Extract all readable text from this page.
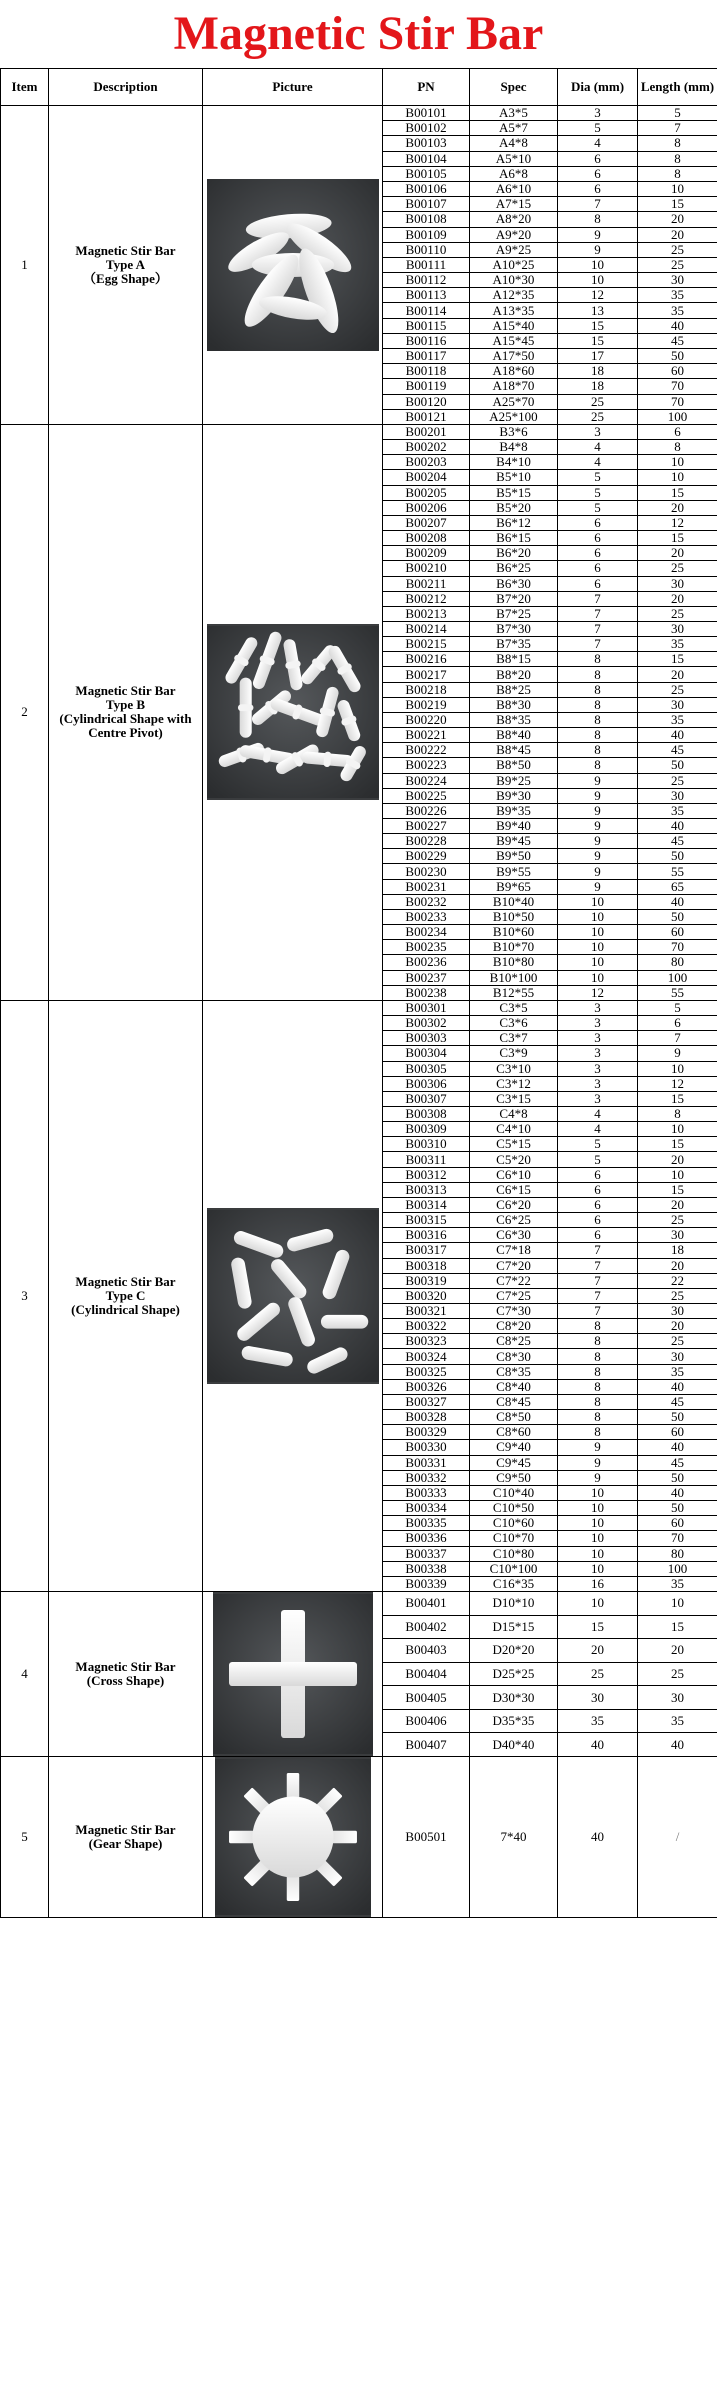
Magnetic Stir Bar
Item	Description	Picture	PN	Spec	Dia (mm)	Length (mm)
1	Magnetic Stir Bar
Type A
（Egg Shape）		B00101	A3*5	3	5
			B00102	A5*7	5	7
			B00103	A4*8	4	8
			B00104	A5*10	6	8
			B00105	A6*8	6	8
			B00106	A6*10	6	10
			B00107	A7*15	7	15
			B00108	A8*20	8	20
			B00109	A9*20	9	20
			B00110	A9*25	9	25
			B00111	A10*25	10	25
			B00112	A10*30	10	30
			B00113	A12*35	12	35
			B00114	A13*35	13	35
			B00115	A15*40	15	40
			B00116	A15*45	15	45
			B00117	A17*50	17	50
			B00118	A18*60	18	60
			B00119	A18*70	18	70
			B00120	A25*70	25	70
			B00121	A25*100	25	100
2	Magnetic Stir Bar
Type B
(Cylindrical Shape with
Centre Pivot)		B00201	B3*6	3	6
			B00202	B4*8	4	8
			B00203	B4*10	4	10
			B00204	B5*10	5	10
			B00205	B5*15	5	15
			B00206	B5*20	5	20
			B00207	B6*12	6	12
			B00208	B6*15	6	15
			B00209	B6*20	6	20
			B00210	B6*25	6	25
			B00211	B6*30	6	30
			B00212	B7*20	7	20
			B00213	B7*25	7	25
			B00214	B7*30	7	30
			B00215	B7*35	7	35
			B00216	B8*15	8	15
			B00217	B8*20	8	20
			B00218	B8*25	8	25
			B00219	B8*30	8	30
			B00220	B8*35	8	35
			B00221	B8*40	8	40
			B00222	B8*45	8	45
			B00223	B8*50	8	50
			B00224	B9*25	9	25
			B00225	B9*30	9	30
			B00226	B9*35	9	35
			B00227	B9*40	9	40
			B00228	B9*45	9	45
			B00229	B9*50	9	50
			B00230	B9*55	9	55
			B00231	B9*65	9	65
			B00232	B10*40	10	40
			B00233	B10*50	10	50
			B00234	B10*60	10	60
			B00235	B10*70	10	70
			B00236	B10*80	10	80
			B00237	B10*100	10	100
			B00238	B12*55	12	55
3	Magnetic Stir Bar
Type C
(Cylindrical Shape)		B00301	C3*5	3	5
			B00302	C3*6	3	6
			B00303	C3*7	3	7
			B00304	C3*9	3	9
			B00305	C3*10	3	10
			B00306	C3*12	3	12
			B00307	C3*15	3	15
			B00308	C4*8	4	8
			B00309	C4*10	4	10
			B00310	C5*15	5	15
			B00311	C5*20	5	20
			B00312	C6*10	6	10
			B00313	C6*15	6	15
			B00314	C6*20	6	20
			B00315	C6*25	6	25
			B00316	C6*30	6	30
			B00317	C7*18	7	18
			B00318	C7*20	7	20
			B00319	C7*22	7	22
			B00320	C7*25	7	25
			B00321	C7*30	7	30
			B00322	C8*20	8	20
			B00323	C8*25	8	25
			B00324	C8*30	8	30
			B00325	C8*35	8	35
			B00326	C8*40	8	40
			B00327	C8*45	8	45
			B00328	C8*50	8	50
			B00329	C8*60	8	60
			B00330	C9*40	9	40
			B00331	C9*45	9	45
			B00332	C9*50	9	50
			B00333	C10*40	10	40
			B00334	C10*50	10	50
			B00335	C10*60	10	60
			B00336	C10*70	10	70
			B00337	C10*80	10	80
			B00338	C10*100	10	100
			B00339	C16*35	16	35
4	Magnetic Stir Bar
(Cross Shape)		B00401	D10*10	10	10
			B00402	D15*15	15	15
			B00403	D20*20	20	20
			B00404	D25*25	25	25
			B00405	D30*30	30	30
			B00406	D35*35	35	35
			B00407	D40*40	40	40
5	Magnetic Stir Bar
(Gear Shape)		B00501	7*40	40	/
